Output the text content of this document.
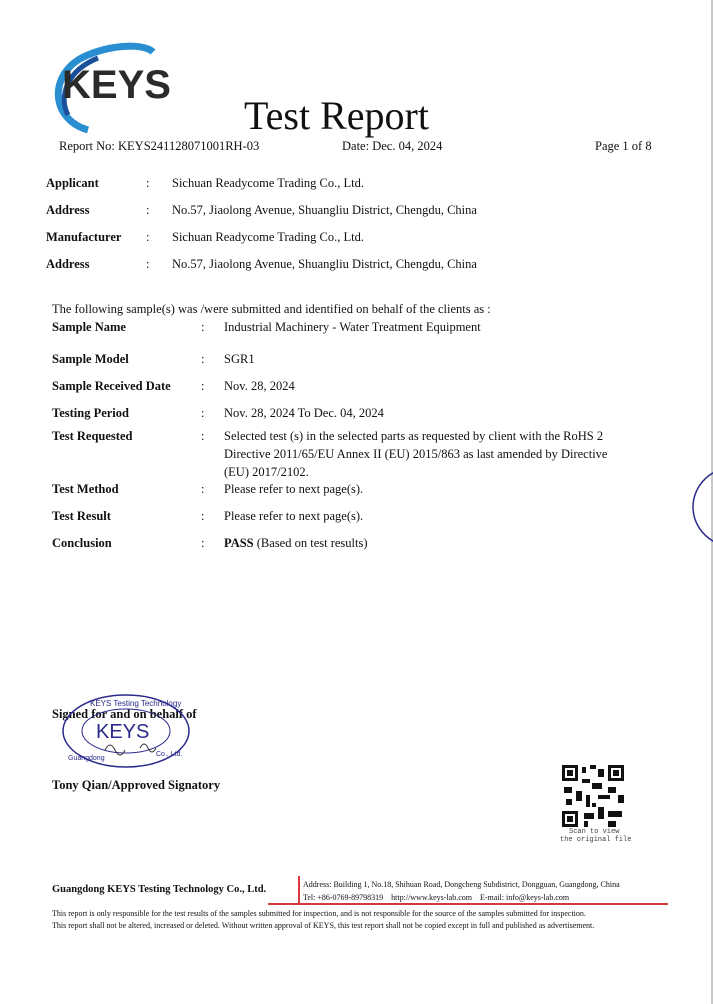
KEYS
Test Report
Report No: KEYS241128071001RH-03	Date: Dec. 04, 2024	Page 1 of 8
Applicant	: Sichuan Readycome Trading Co., Ltd.
Address	: No.57, Jiaolong Avenue, Shuangliu District, Chengdu, China
Manufacturer : Sichuan Readycome Trading Co., Ltd.
Address	: No.57, Jiaolong Avenue, Shuangliu District, Chengdu, China
The following sample(s) was /were submitted and identified on behalf of the clients as :
Sample Name	: Industrial Machinery - Water Treatment Equipment
Sample Model	: SGR1
Sample Received Date : Nov. 28, 2024
Testing Period	: Nov. 28, 2024 To Dec. 04, 2024
Test Requested	: Selected test (s) in the selected parts as requested by client with the RoHS 2
Directive 2011/65/EU Annex II (EU) 2015/863 as last amended by Directive
(EU) 2017/2102.
Test Method	: Please refer to next page(s).
Test Result	: Please refer to next page(s).
Conclusion	: PASS (Based on test results)
Signed for and on behalf of
KEYS Testing Technology
KEYS
Guangdong
Co., Ltd.
Tony Qian/Approved Signatory
Scan to view
the original file
Guangdong KEYS Testing Technology Co., Ltd.	Address: Building 1, No.18, Shihuan Road, Dongcheng Subdistrict, Dongguan, Guangdong, China
Tel: +86-0769-89798319 http://www.keys-lab.com E-mail: info@keys-lab.com
This report is only responsible for the test results of the samples submitted for inspection, and is not responsible for the source of the samples submitted for inspection.
This report shall not be altered, increased or deleted. Without written approval of KEYS, this test report shall not be copied except in full and published as advertisement.
